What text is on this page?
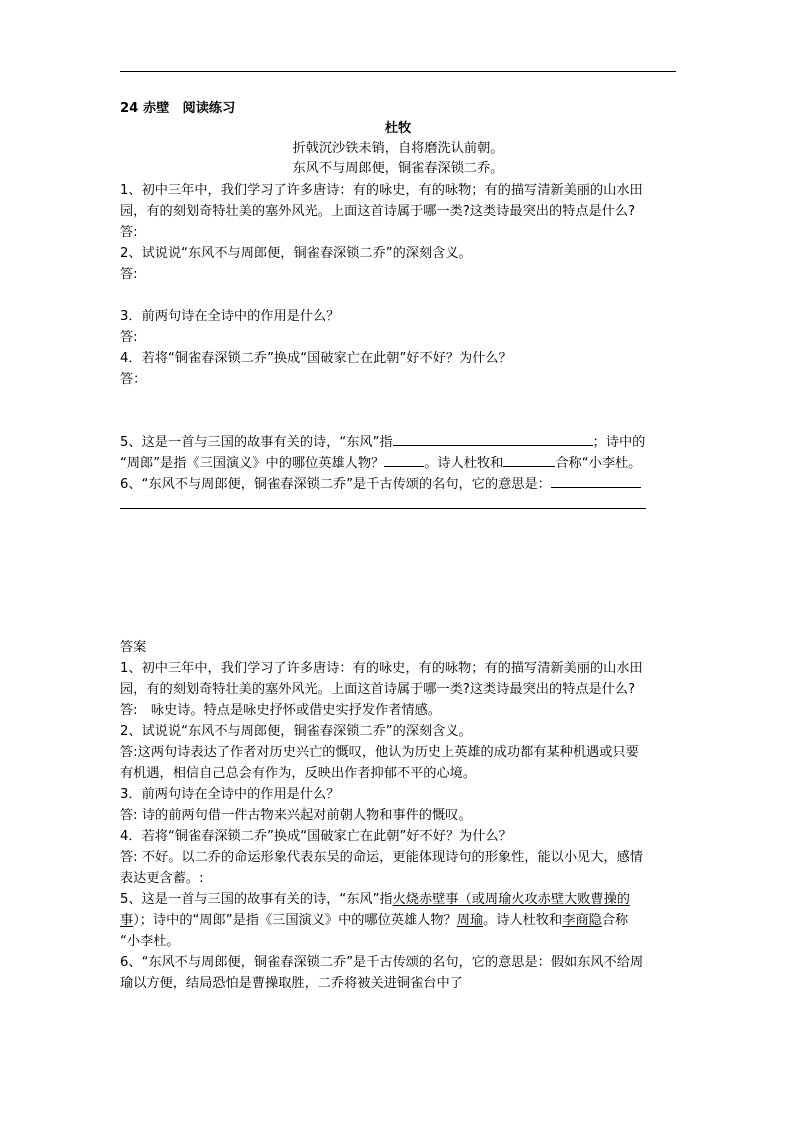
24 赤壁　阅读练习
杜牧
折戟沉沙铁未销，自将磨洗认前朝。
东风不与周郎便，铜雀春深锁二乔。
1、初中三年中，我们学习了许多唐诗：有的咏史，有的咏物；有的描写清新美丽的山水田
园，有的刻划奇特壮美的塞外风光。上面这首诗属于哪一类?这类诗最突出的特点是什么?
答:
2、试说说“东风不与周郎便，铜雀春深锁二乔”的深刻含义。
答:
3．前两句诗在全诗中的作用是什么？
答:
4．若将“铜雀春深锁二乔”换成“国破家亡在此朝”好不好？为什么？
答：
5、这是一首与三国的故事有关的诗，“东风”指	；诗中的
“周郎”是指《三国演义》中的哪位英雄人物？	。诗人杜牧和	合称“小李杜。
6、“东风不与周郎便，铜雀春深锁二乔”是千古传颂的名句，它的意思是：
答案
1、初中三年中，我们学习了许多唐诗：有的咏史，有的咏物；有的描写清新美丽的山水田
园，有的刻划奇特壮美的塞外风光。上面这首诗属于哪一类?这类诗最突出的特点是什么?
答:　咏史诗。特点是咏史抒怀或借史实抒发作者情感。
2、试说说“东风不与周郎便，铜雀春深锁二乔”的深刻含义。
答:这两句诗表达了作者对历史兴亡的慨叹，他认为历史上英雄的成功都有某种机遇或只要
有机遇，相信自己总会有作为，反映出作者抑郁不平的心境。
3．前两句诗在全诗中的作用是什么？
答: 诗的前两句借一件古物来兴起对前朝人物和事件的慨叹。
4．若将“铜雀春深锁二乔”换成“国破家亡在此朝”好不好？为什么？
答: 不好。以二乔的命运形象代表东吴的命运，更能体现诗句的形象性，能以小见大，感情
表达更含蓄。:
5、这是一首与三国的故事有关的诗，“东风”指火烧赤壁事（或周瑜火攻赤壁大败曹操的
事）；诗中的“周郎”是指《三国演义》中的哪位英雄人物？周瑜。诗人杜牧和李商隐合称
“小李杜。
6、“东风不与周郎便，铜雀春深锁二乔”是千古传颂的名句，它的意思是：假如东风不给周
瑜以方便，结局恐怕是曹操取胜，二乔将被关进铜雀台中了
